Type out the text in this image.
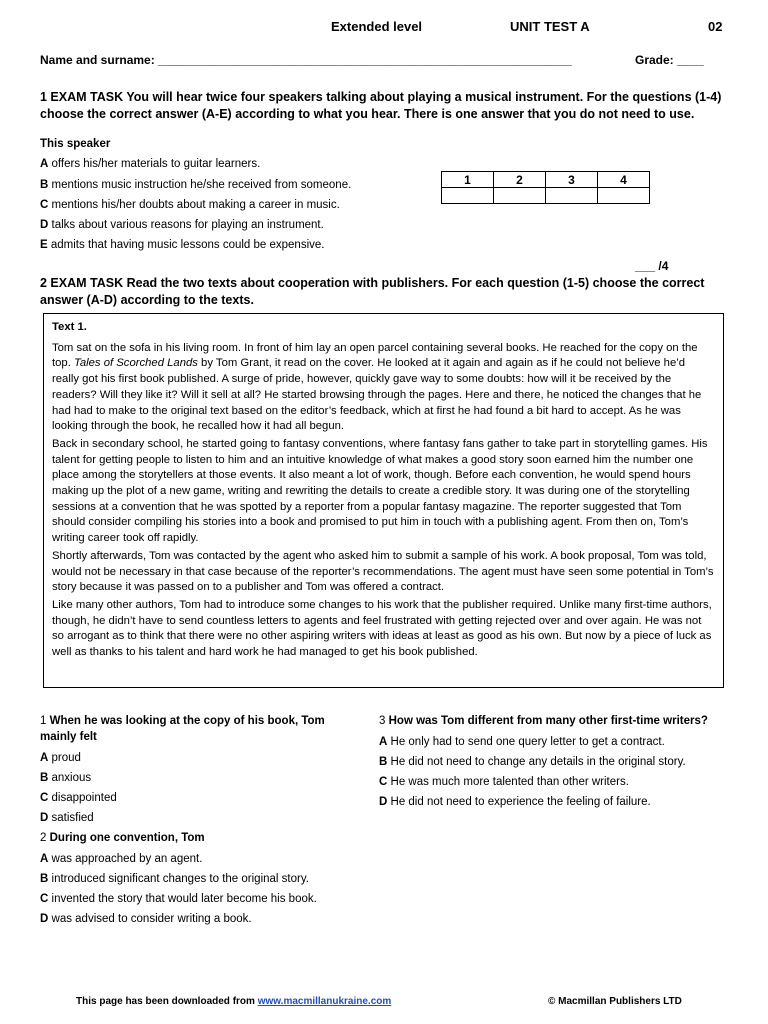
Extended level	UNIT TEST A	02
Name and surname: ______________________________________________________________	Grade: ____
1 EXAM TASK You will hear twice four speakers talking about playing a musical instrument. For the questions (1-4) choose the correct answer (A-E) according to what you hear. There is one answer that you do not need to use.
This speaker
A offers his/her materials to guitar learners.
B mentions music instruction he/she received from someone.
C mentions his/her doubts about making a career in music.
D talks about various reasons for playing an instrument.
E admits that having music lessons could be expensive.
1	2	3	4

___ /4
2 EXAM TASK Read the two texts about cooperation with publishers. For each question (1-5) choose the correct answer (A-D) according to the texts.

Text 1.

Tom sat on the sofa in his living room. In front of him lay an open parcel containing several books. He reached for the copy on the top. Tales of Scorched Lands by Tom Grant, it read on the cover. He looked at it again and again as if he could not believe he’d really got his first book published. A surge of pride, however, quickly gave way to some doubts: how will it be received by the readers? Will they like it? Will it sell at all? He started browsing through the pages. Here and there, he noticed the changes that he had had to make to the original text based on the editor’s feedback, which at first he had found a bit hard to accept. As he was looking through the book, he recalled how it had all begun.

Back in secondary school, he started going to fantasy conventions, where fantasy fans gather to take part in storytelling games. His talent for getting people to listen to him and an intuitive knowledge of what makes a good story soon earned him the number one place among the storytellers at those events. It also meant a lot of work, though. Before each convention, he would spend hours making up the plot of a new game, writing and rewriting the details to create a credible story. It was during one of the storytelling sessions at a convention that he was spotted by a reporter from a popular fantasy magazine. The reporter suggested that Tom should consider compiling his stories into a book and promised to put him in touch with a publishing agent. From then on, Tom’s writing career took off rapidly.

Shortly afterwards, Tom was contacted by the agent who asked him to submit a sample of his work. A book proposal, Tom was told, would not be necessary in that case because of the reporter’s recommendations. The agent must have seen some potential in Tom’s story because it was passed on to a publisher and Tom was offered a contract.

Like many other authors, Tom had to introduce some changes to his work that the publisher required. Unlike many first-time authors, though, he didn’t have to send countless letters to agents and feel frustrated with getting rejected over and over again. He was not so arrogant as to think that there were no other aspiring writers with ideas at least as good as his own. But now by a piece of luck as well as thanks to his talent and hard work he had managed to get his book published.

1 When he was looking at the copy of his book, Tom mainly felt
A proud
B anxious
C disappointed
D satisfied
2 During one convention, Tom
A was approached by an agent.
B introduced significant changes to the original story.
C invented the story that would later become his book.
D was advised to consider writing a book.
3 How was Tom different from many other first-time writers?
A He only had to send one query letter to get a contract.
B He did not need to change any details in the original story.
C He was much more talented than other writers.
D He did not need to experience the feeling of failure.
This page has been downloaded from www.macmillanukraine.com	© Macmillan Publishers LTD
